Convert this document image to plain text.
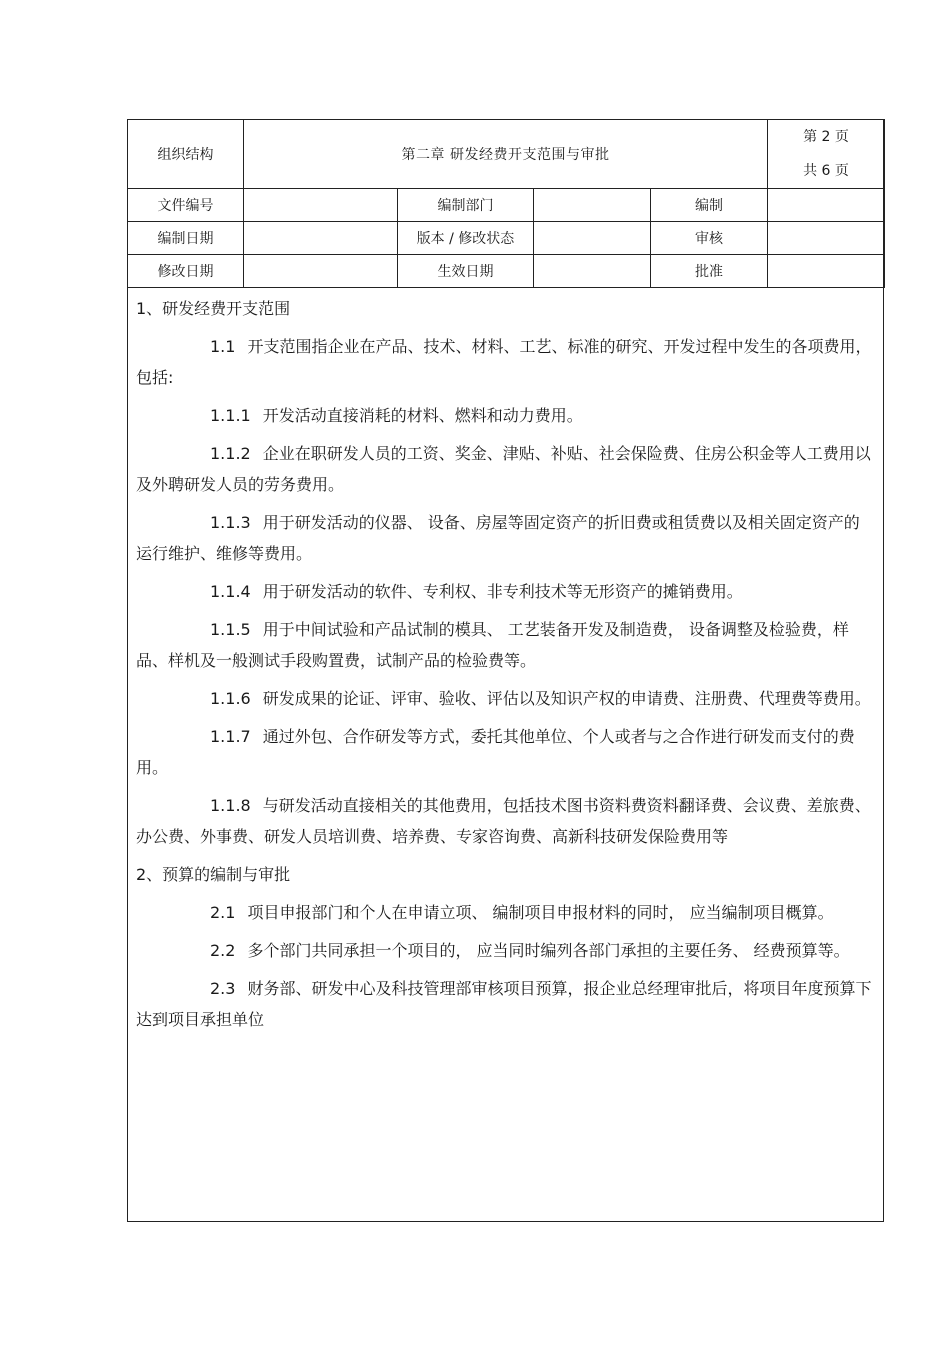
组织结构	第二章 研发经费开支范围与审批				第 2 页
共 6 页

文件编号		编制部门		编制	
编制日期		版本 / 修改状态		审核	
修改日期		生效日期		批准	

1、研发经费开支范围

1.1 开支范围指企业在产品、技术、材料、工艺、标准的研究、开发过程中发生的各项费用，包括:

1.1.1 开发活动直接消耗的材料、燃料和动力费用。

1.1.2 企业在职研发人员的工资、奖金、津贴、补贴、社会保险费、住房公积金等人工费用以及外聘研发人员的劳务费用。

1.1.3 用于研发活动的仪器、 设备、房屋等固定资产的折旧费或租赁费以及相关固定资产的运行维护、维修等费用。

1.1.4 用于研发活动的软件、专利权、非专利技术等无形资产的摊销费用。

1.1.5 用于中间试验和产品试制的模具、 工艺装备开发及制造费， 设备调整及检验费，样品、样机及一般测试手段购置费，试制产品的检验费等。

1.1.6 研发成果的论证、评审、验收、评估以及知识产权的申请费、注册费、代理费等费用。

1.1.7 通过外包、合作研发等方式，委托其他单位、个人或者与之合作进行研发而支付的费用。

1.1.8 与研发活动直接相关的其他费用，包括技术图书资料费资料翻译费、会议费、差旅费、办公费、外事费、研发人员培训费、培养费、专家咨询费、高新科技研发保险费用等

2、预算的编制与审批

2.1 项目申报部门和个人在申请立项、 编制项目申报材料的同时， 应当编制项目概算。

2.2 多个部门共同承担一个项目的， 应当同时编列各部门承担的主要任务、 经费预算等。

2.3 财务部、研发中心及科技管理部审核项目预算，报企业总经理审批后，将项目年度预算下达到项目承担单位
